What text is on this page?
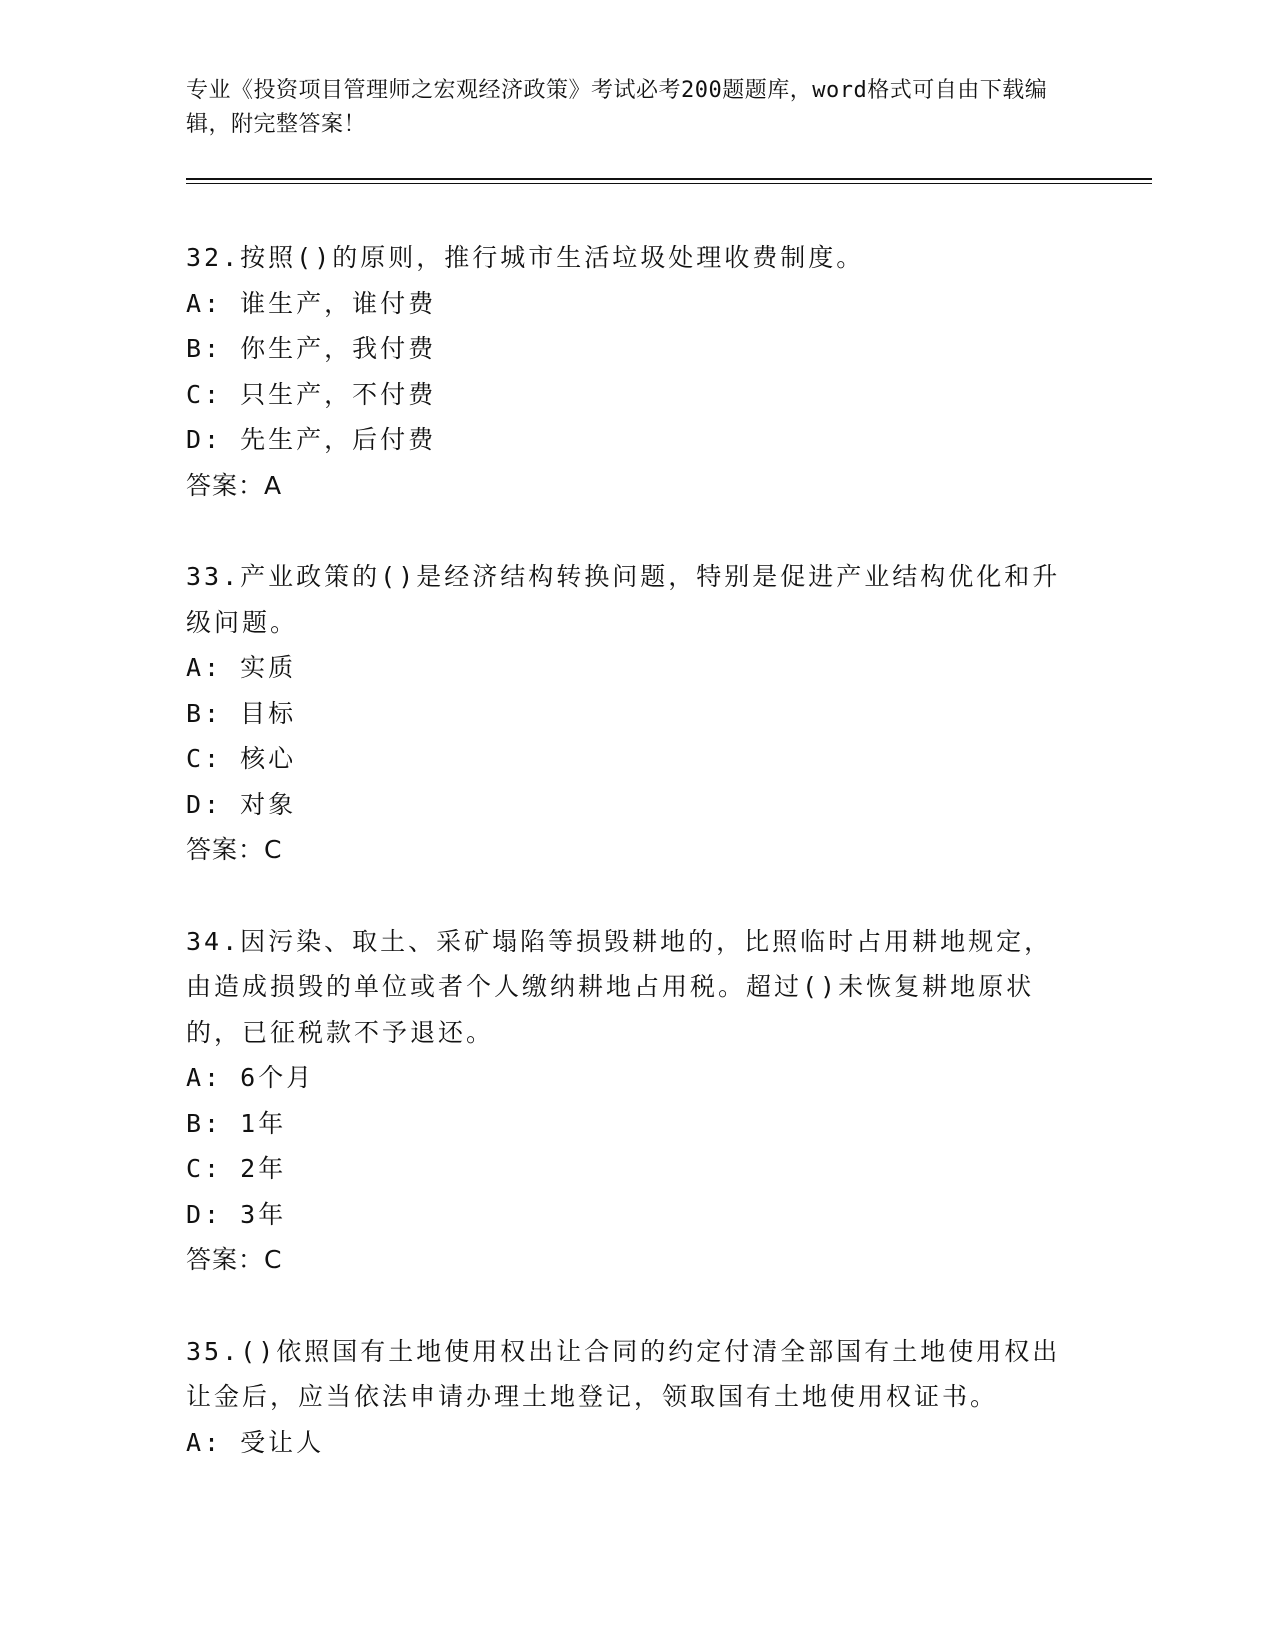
专业《投资项目管理师之宏观经济政策》考试必考200题题库，word格式可自由下载编辑，附完整答案！
32.按照()的原则，推行城市生活垃圾处理收费制度。
A: 谁生产，谁付费
B: 你生产，我付费
C: 只生产，不付费
D: 先生产，后付费
答案：A
33.产业政策的()是经济结构转换问题，特别是促进产业结构优化和升级问题。
A: 实质
B: 目标
C: 核心
D: 对象
答案：C
34.因污染、取土、采矿塌陷等损毁耕地的，比照临时占用耕地规定，由造成损毁的单位或者个人缴纳耕地占用税。超过()未恢复耕地原状的，已征税款不予退还。
A: 6个月
B: 1年
C: 2年
D: 3年
答案：C
35.()依照国有土地使用权出让合同的约定付清全部国有土地使用权出让金后，应当依法申请办理土地登记，领取国有土地使用权证书。
A: 受让人
